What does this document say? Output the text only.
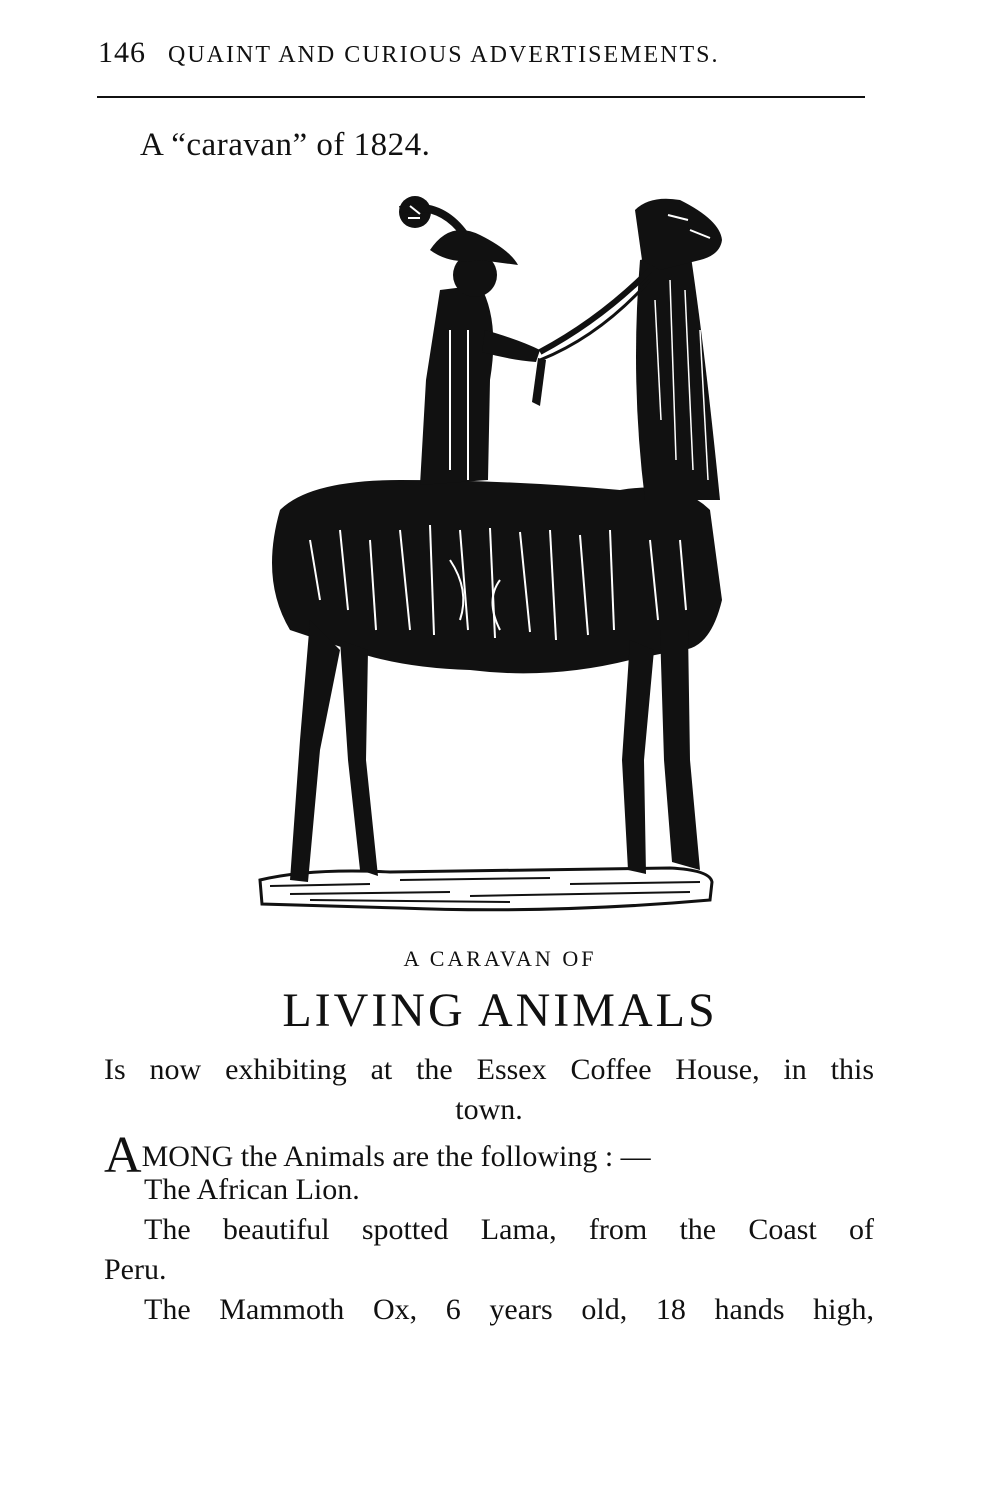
146 QUAINT AND CURIOUS ADVERTISEMENTS.
A “caravan” of 1824.
A CARAVAN OF
LIVING ANIMALS
Is now exhibiting at the Essex Coffee House, in this
town.
AMONG the Animals are the following : —
The African Lion.
The beautiful spotted Lama, from the Coast of
Peru.
The Mammoth Ox, 6 years old, 18 hands high,
